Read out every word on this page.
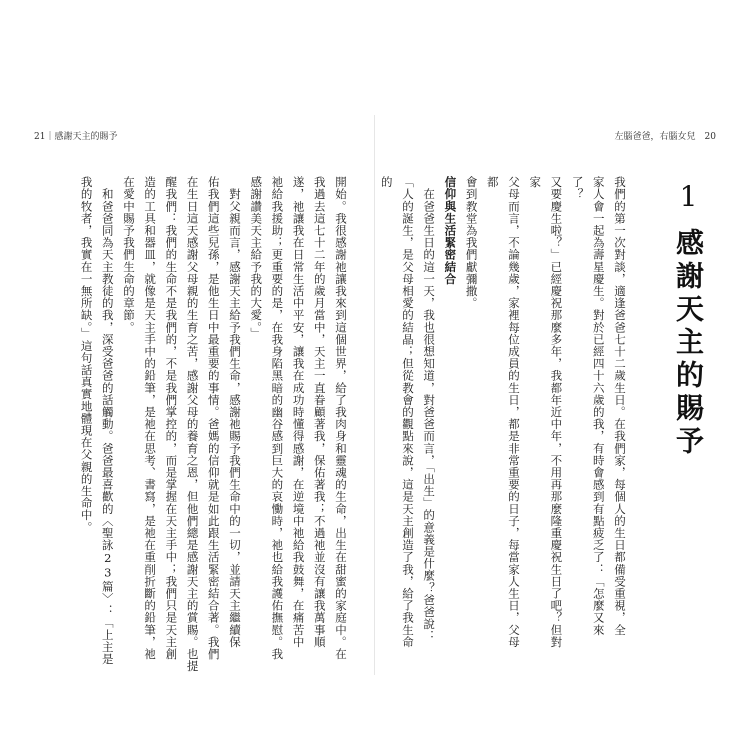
21｜感謝天主的賜予
開始。我很感謝祂讓我來到這個世界，給了我肉身和靈魂的生命，出生在甜蜜的家庭中。在
我過去這七十二年的歲月當中，天主一直眷顧著我，保佑著我；不過祂並沒有讓我萬事順
遂，祂讓我在日常生活中平安，讓我在成功時懂得感謝，在逆境中祂給我鼓舞，在痛苦中
祂給我援助；更重要的是，在我身陷黑暗的幽谷感到巨大的哀慟時，祂也給我護佑撫慰。我
感謝讚美天主給予我的大愛。」
　對父親而言，感謝天主給予我們生命，感謝祂賜予我們生命中的一切，並請天主繼續保
佑我們這些兒孫，是他生日中最重要的事情。爸媽的信仰就是如此跟生活緊密結合著。我們
在生日這天感謝父母親的生育之苦，感謝父母的養育之恩，但他們總是感謝天主的賞賜。也提
醒我們：我們的生命不是我們的，不是我們掌控的，而是掌握在天主手中；我們只是天主創
造的工具和器皿，就像是天主手中的鉛筆，是祂在思考、書寫，是祂在重削折斷的鉛筆，祂
在愛中賜予我們生命的章節。
　和爸爸同為天主教徒的我，深受爸爸的話觸動。爸爸最喜歡的〈聖詠23篇〉：「上主是
我的牧者，我實在一無所缺。」這句話真實地體現在父親的生命中。
左腦爸爸，右腦女兒　20
1感謝天主的賜予
我們的第一次對談，適逢爸爸七十二歲生日。在我們家，每個人的生日都備受重視，全
家人會一起為壽星慶生。對於已經四十六歲的我，有時會感到有點疲乏了：「怎麼又來了？
又要慶生啦？」已經慶祝那麼多年，我都年近中年，不用再那麼隆重慶祝生日了吧？但對家
父母而言，不論幾歲，家裡每位成員的生日，都是非常重要的日子，每當家人生日，父母都
會到教堂為我們獻彌撒。
信仰與生活緊密結合
　在爸爸生日的這一天，我也很想知道，對爸爸而言，「出生」的意義是什麼？爸爸說：
「人的誕生，是父母相愛的結晶；但從教會的觀點來說，這是天主創造了我，給了我生命的
